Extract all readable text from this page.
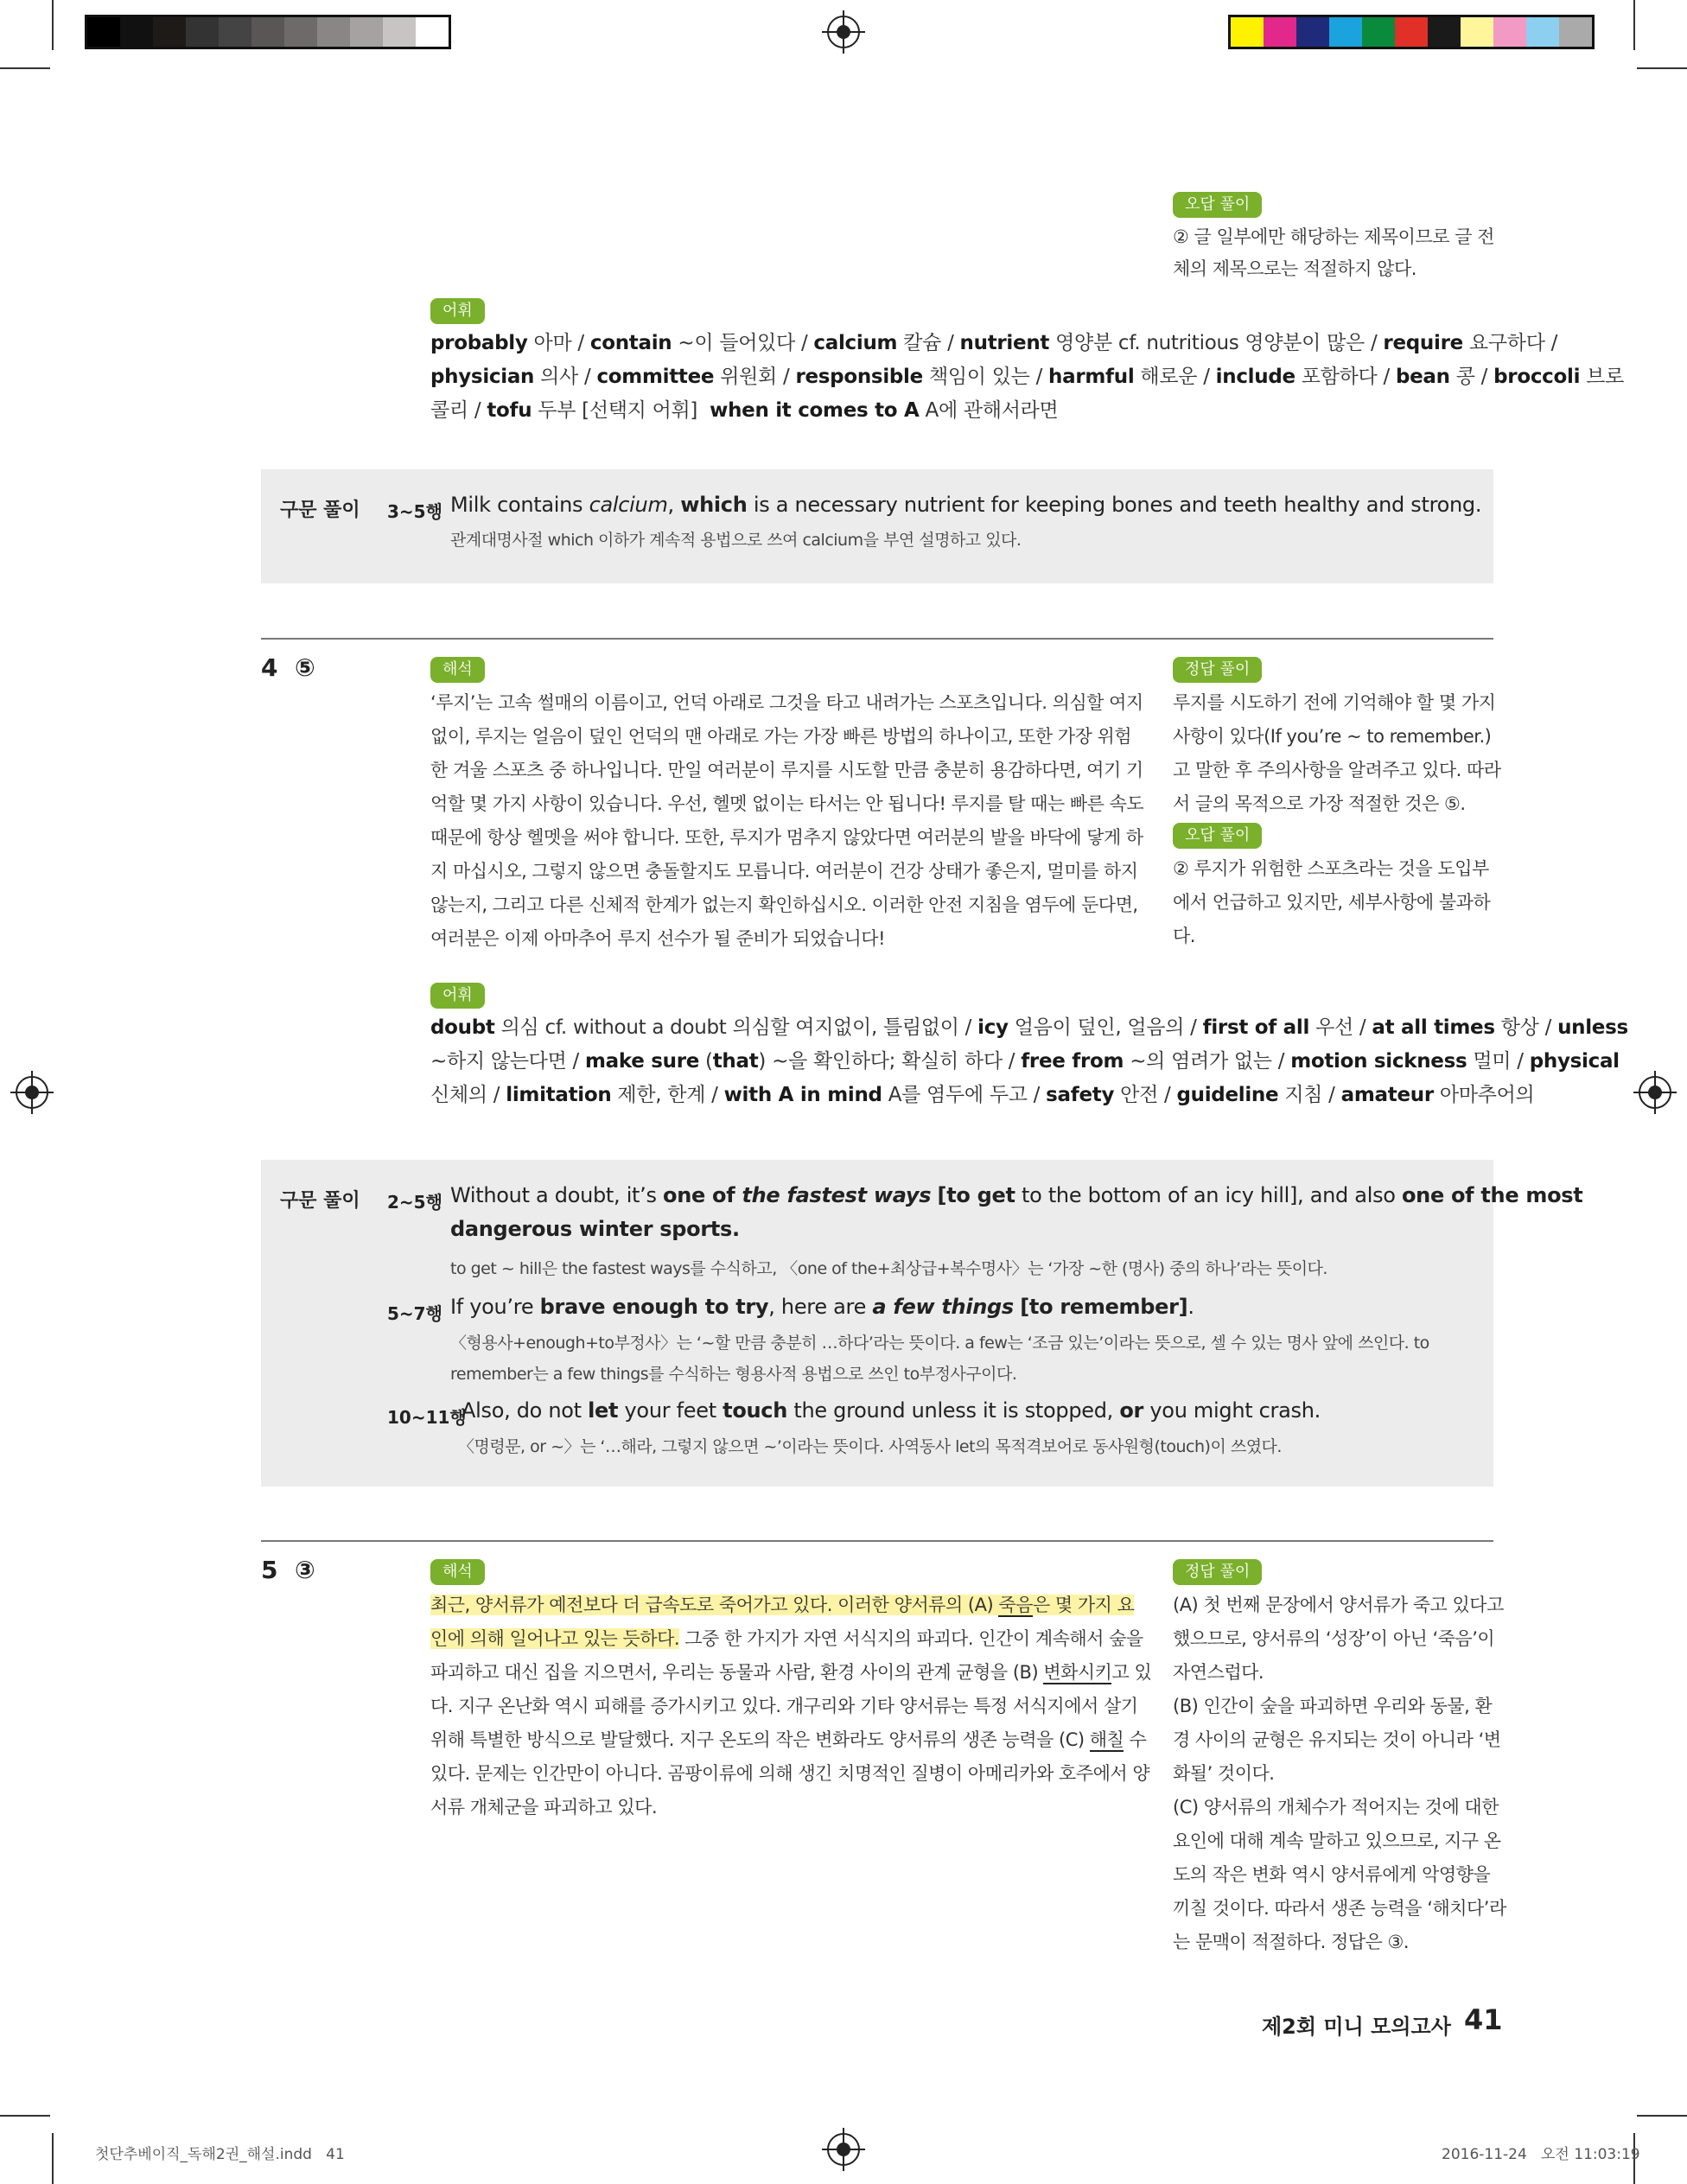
오답 풀이
② 글 일부에만 해당하는 제목이므로 글 전체의 제목으로는 적절하지 않다.
어휘
probably 아마 / contain ~이 들어있다 / calcium 칼슘 / nutrient 영양분 cf. nutritious 영양분이 많은 / require 요구하다 /
physician 의사 / committee 위원회 / responsible 책임이 있는 / harmful 해로운 / include 포함하다 / bean 콩 / broccoli 브로
콜리 / tofu 두부 [선택지 어휘]  when it comes to A A에 관해서라면
구문 풀이 3~5행 Milk contains calcium, which is a necessary nutrient for keeping bones and teeth healthy and strong.
관계대명사절 which 이하가 계속적 용법으로 쓰여 calcium을 부연 설명하고 있다.
4 ⑤	해석
‘루지’는 고속 썰매의 이름이고, 언덕 아래로 그것을 타고 내려가는 스포츠입니다. 의심할 여지
없이, 루지는 얼음이 덮인 언덕의 맨 아래로 가는 가장 빠른 방법의 하나이고, 또한 가장 위험
한 겨울 스포츠 중 하나입니다. 만일 여러분이 루지를 시도할 만큼 충분히 용감하다면, 여기 기
억할 몇 가지 사항이 있습니다. 우선, 헬멧 없이는 타서는 안 됩니다! 루지를 탈 때는 빠른 속도
때문에 항상 헬멧을 써야 합니다. 또한, 루지가 멈추지 않았다면 여러분의 발을 바닥에 닿게 하
지 마십시오, 그렇지 않으면 충돌할지도 모릅니다. 여러분이 건강 상태가 좋은지, 멀미를 하지
않는지, 그리고 다른 신체적 한계가 없는지 확인하십시오. 이러한 안전 지침을 염두에 둔다면,
여러분은 이제 아마추어 루지 선수가 될 준비가 되었습니다!
정답 풀이
루지를 시도하기 전에 기억해야 할 몇 가지
사항이 있다(If you’re ~ to remember.)
고 말한 후 주의사항을 알려주고 있다. 따라
서 글의 목적으로 가장 적절한 것은 ⑤.
오답 풀이
② 루지가 위험한 스포츠라는 것을 도입부
에서 언급하고 있지만, 세부사항에 불과하
다.
어휘
doubt 의심 cf. without a doubt 의심할 여지없이, 틀림없이 / icy 얼음이 덮인, 얼음의 / first of all 우선 / at all times 항상 / unless
~하지 않는다면 / make sure (that) ~을 확인하다; 확실히 하다 / free from ~의 염려가 없는 / motion sickness 멀미 / physical
신체의 / limitation 제한, 한계 / with A in mind A를 염두에 두고 / safety 안전 / guideline 지침 / amateur 아마추어의
구문 풀이 2~5행 Without a doubt, it’s one of the fastest ways [to get to the bottom of an icy hill], and also one of the most
dangerous winter sports.
to get ~ hill은 the fastest ways를 수식하고, 〈one of the+최상급+복수명사〉는 ‘가장 ~한 (명사) 중의 하나’라는 뜻이다.
5~7행 If you’re brave enough to try, here are a few things [to remember].
〈형용사+enough+to부정사〉는 ‘~할 만큼 충분히 …하다’라는 뜻이다. a few는 ‘조금 있는’이라는 뜻으로, 셀 수 있는 명사 앞에 쓰인다. to
remember는 a few things를 수식하는 형용사적 용법으로 쓰인 to부정사구이다.
10~11행
Also, do not let your feet touch the ground unless it is stopped, or you might crash.
〈명령문, or ~〉는 ‘…해라, 그렇지 않으면 ~’이라는 뜻이다. 사역동사 let의 목적격보어로 동사원형(touch)이 쓰였다.
5 ③	해석
최근, 양서류가 예전보다 더 급속도로 죽어가고 있다. 이러한 양서류의 (A) 죽음은 몇 가지 요
인에 의해 일어나고 있는 듯하다. 그중 한 가지가 자연 서식지의 파괴다. 인간이 계속해서 숲을
파괴하고 대신 집을 지으면서, 우리는 동물과 사람, 환경 사이의 관계 균형을 (B) 변화시키고 있
다. 지구 온난화 역시 피해를 증가시키고 있다. 개구리와 기타 양서류는 특정 서식지에서 살기
위해 특별한 방식으로 발달했다. 지구 온도의 작은 변화라도 양서류의 생존 능력을 (C) 해칠 수
있다. 문제는 인간만이 아니다. 곰팡이류에 의해 생긴 치명적인 질병이 아메리카와 호주에서 양
서류 개체군을 파괴하고 있다.
정답 풀이
(A) 첫 번째 문장에서 양서류가 죽고 있다고
했으므로, 양서류의 ‘성장’이 아닌 ‘죽음’이
자연스럽다.
(B) 인간이 숲을 파괴하면 우리와 동물, 환
경 사이의 균형은 유지되는 것이 아니라 ‘변
화될’ 것이다.
(C) 양서류의 개체수가 적어지는 것에 대한
요인에 대해 계속 말하고 있으므로, 지구 온
도의 작은 변화 역시 양서류에게 악영향을
끼칠 것이다. 따라서 생존 능력을 ‘해치다’라
는 문맥이 적절하다. 정답은 ③.
제2회 미니 모의고사 41
첫단추베이직_독해2권_해설.indd   41	2016-11-24   오전 11:03:19
